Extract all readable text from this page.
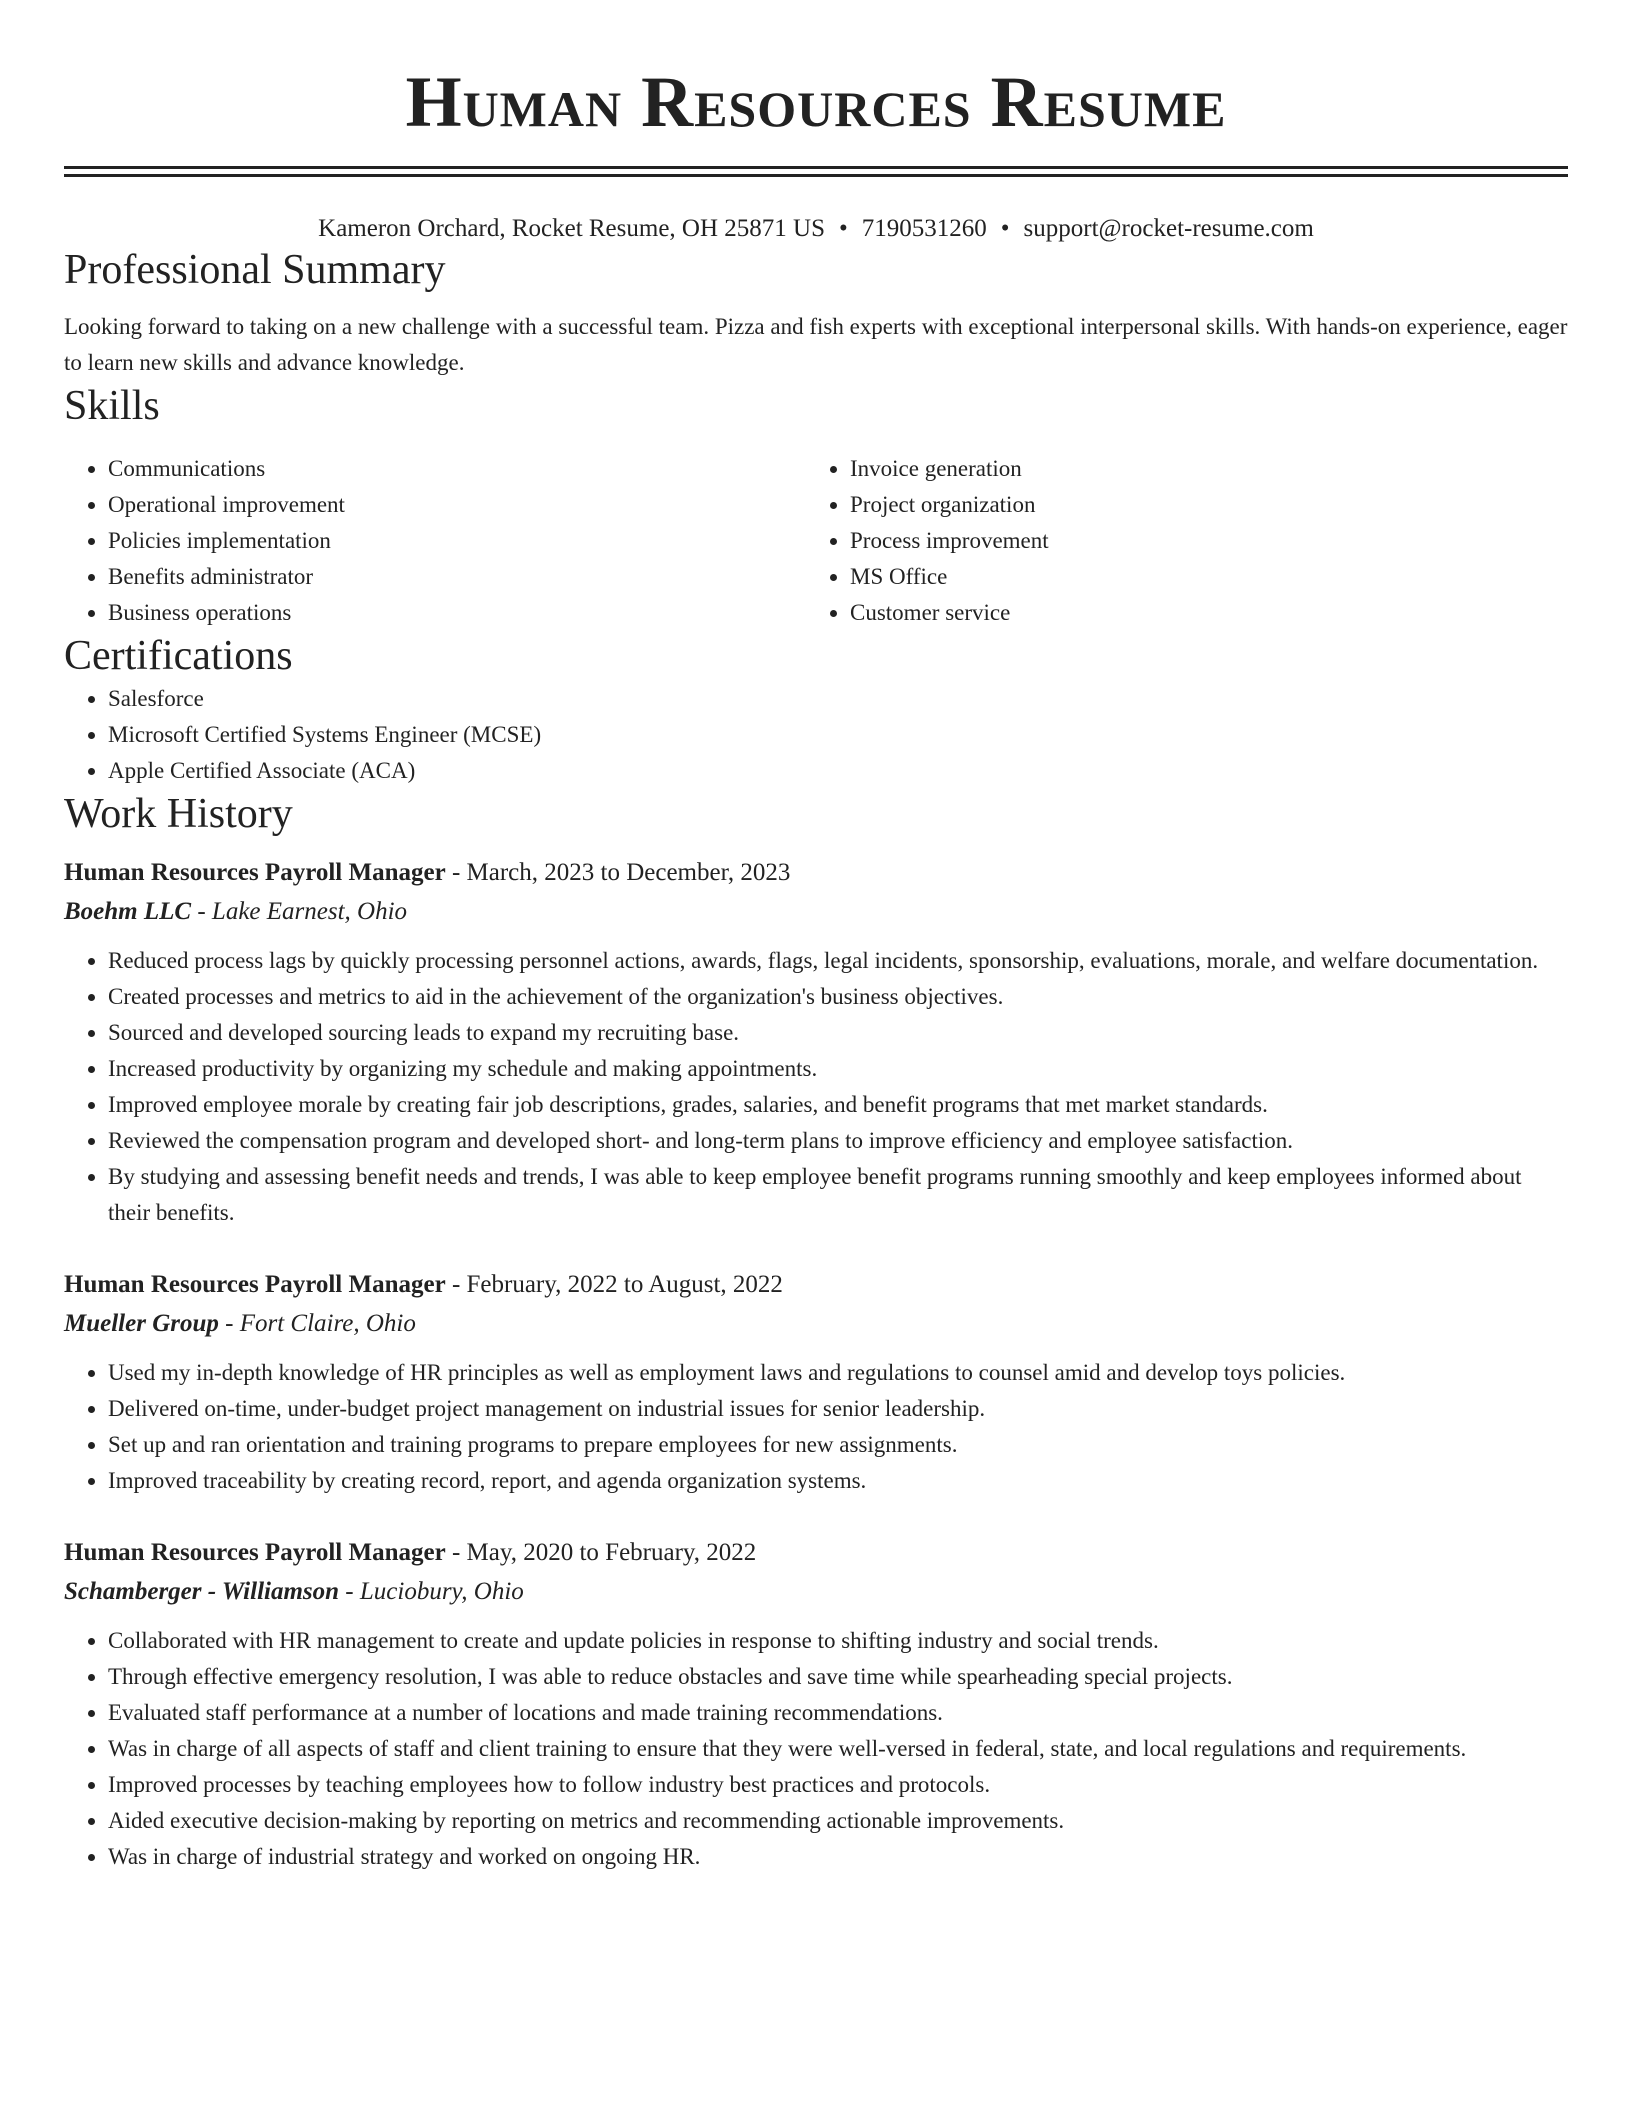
Human Resources Resume
Kameron Orchard, Rocket Resume, OH 25871 US • 7190531260 • support@rocket-resume.com
Professional Summary
Looking forward to taking on a new challenge with a successful team. Pizza and fish experts with exceptional interpersonal skills. With hands-on experience, eager to learn new skills and advance knowledge.
Skills
• Communications
• Operational improvement
• Policies implementation
• Benefits administrator
• Business operations
• Invoice generation
• Project organization
• Process improvement
• MS Office
• Customer service
Certifications
• Salesforce
• Microsoft Certified Systems Engineer (MCSE)
• Apple Certified Associate (ACA)
Work History
Human Resources Payroll Manager - March, 2023 to December, 2023
Boehm LLC - Lake Earnest, Ohio
• Reduced process lags by quickly processing personnel actions, awards, flags, legal incidents, sponsorship, evaluations, morale, and welfare documentation.
• Created processes and metrics to aid in the achievement of the organization's business objectives.
• Sourced and developed sourcing leads to expand my recruiting base.
• Increased productivity by organizing my schedule and making appointments.
• Improved employee morale by creating fair job descriptions, grades, salaries, and benefit programs that met market standards.
• Reviewed the compensation program and developed short- and long-term plans to improve efficiency and employee satisfaction.
• By studying and assessing benefit needs and trends, I was able to keep employee benefit programs running smoothly and keep employees informed about their benefits.
Human Resources Payroll Manager - February, 2022 to August, 2022
Mueller Group - Fort Claire, Ohio
• Used my in-depth knowledge of HR principles as well as employment laws and regulations to counsel amid and develop toys policies.
• Delivered on-time, under-budget project management on industrial issues for senior leadership.
• Set up and ran orientation and training programs to prepare employees for new assignments.
• Improved traceability by creating record, report, and agenda organization systems.
Human Resources Payroll Manager - May, 2020 to February, 2022
Schamberger - Williamson - Luciobury, Ohio
• Collaborated with HR management to create and update policies in response to shifting industry and social trends.
• Through effective emergency resolution, I was able to reduce obstacles and save time while spearheading special projects.
• Evaluated staff performance at a number of locations and made training recommendations.
• Was in charge of all aspects of staff and client training to ensure that they were well-versed in federal, state, and local regulations and requirements.
• Improved processes by teaching employees how to follow industry best practices and protocols.
• Aided executive decision-making by reporting on metrics and recommending actionable improvements.
• Was in charge of industrial strategy and worked on ongoing HR.
